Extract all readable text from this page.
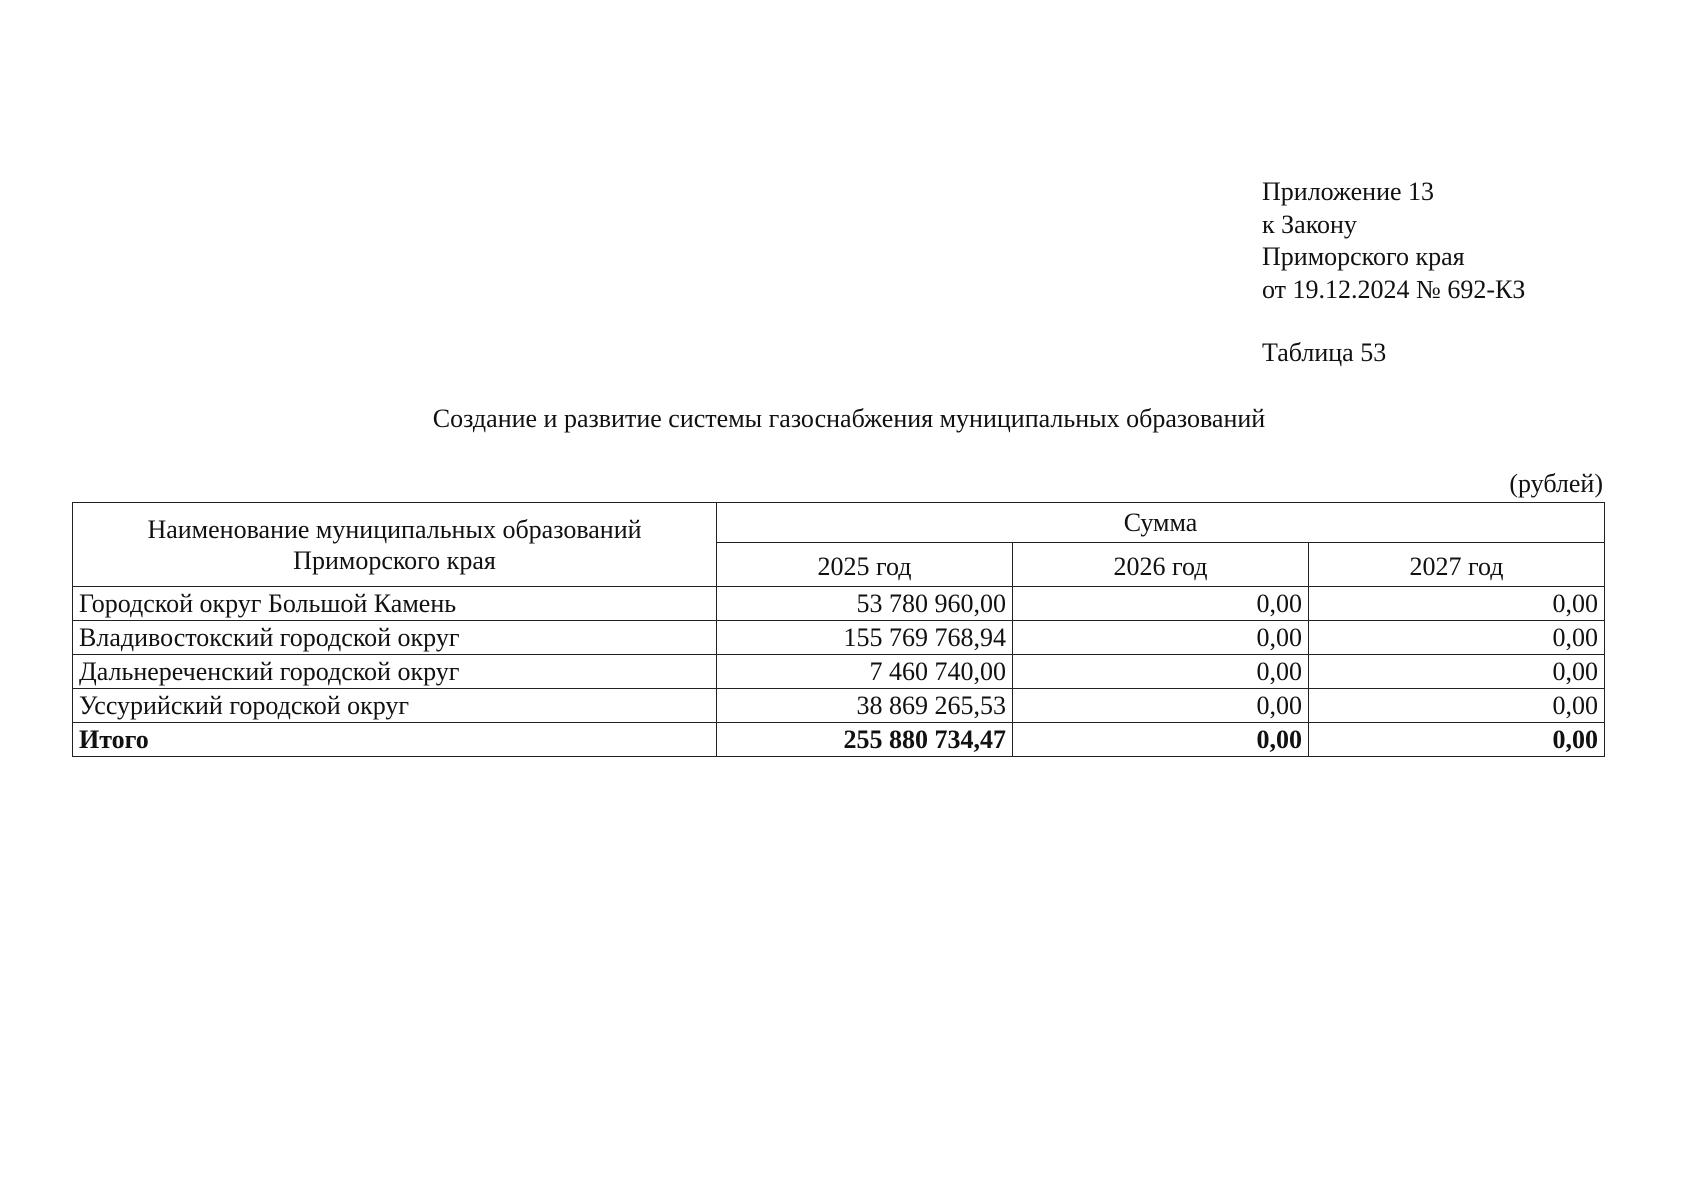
Приложение 13
к Закону
Приморского края
от 19.12.2024 № 692-КЗ
Таблица 53
Создание и развитие системы газоснабжения муниципальных образований
(рублей)
Наименование муниципальных образований
Приморского края	Сумма		
	2025 год	2026 год	2027 год
Городской округ Большой Камень	53 780 960,00	0,00	0,00
Владивостокский городской округ	155 769 768,94	0,00	0,00
Дальнереченский городской округ	7 460 740,00	0,00	0,00
Уссурийский городской округ	38 869 265,53	0,00	0,00
Итого	255 880 734,47	0,00	0,00
